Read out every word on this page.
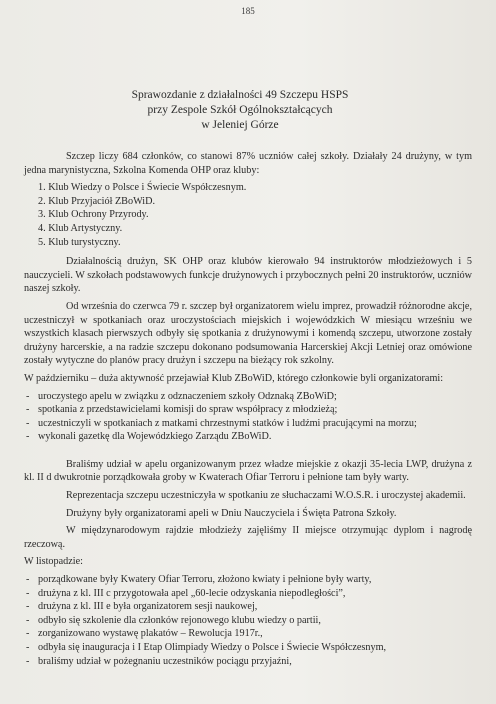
185
Sprawozdanie z działalności 49 Szczepu HSPS
przy Zespole Szkół Ogólnokształcących
w Jeleniej Górze

Szczep liczy 684 członków, co stanowi 87% uczniów całej szkoły. Działały 24 drużyny, w tym jedna marynistyczna, Szkolna Komenda OHP oraz kluby:

1. Klub Wiedzy o Polsce i Świecie Współczesnym.
2. Klub Przyjaciół ZBoWiD.
3. Klub Ochrony Przyrody.
4. Klub Artystyczny.
5. Klub turystyczny.

Działalnością drużyn, SK OHP oraz klubów kierowało 94 instruktorów młodzieżowych i 5 nauczycieli. W szkołach podstawowych funkcje drużynowych i przybocznych pełni 20 instruktorów, uczniów naszej szkoły.

Od września do czerwca 79 r. szczep był organizatorem wielu imprez, prowadził różnorodne akcje, uczestniczył w spotkaniach oraz uroczystościach miejskich i wojewódzkich W miesiącu wrześniu we wszystkich klasach pierwszych odbyły się spotkania z drużynowymi i komendą szczepu, utworzone zostały drużyny harcerskie, a na radzie szczepu dokonano podsumowania Harcerskiej Akcji Letniej oraz omówione zostały wytyczne do planów pracy drużyn i szczepu na bieżący rok szkolny.

W październiku – duża aktywność przejawiał Klub ZBoWiD, którego członkowie byli organizatorami:

- uroczystego apelu w związku z odznaczeniem szkoły Odznaką ZBoWiD;
- spotkania z przedstawicielami komisji do spraw współpracy z młodzieżą;
- uczestniczyli w spotkaniach z matkami chrzestnymi statków i ludźmi pracującymi na morzu;
- wykonali gazetkę dla Wojewódzkiego Zarządu ZBoWiD.

Braliśmy udział w apelu organizowanym przez władze miejskie z okazji 35-lecia LWP, drużyna z kl. II d dwukrotnie porządkowała groby w Kwaterach Ofiar Terroru i pełnione tam były warty.

Reprezentacja szczepu uczestniczyła w spotkaniu ze słuchaczami W.O.S.R. i uroczystej akademii.

Drużyny były organizatorami apeli w Dniu Nauczyciela i Święta Patrona Szkoły.

W międzynarodowym rajdzie młodzieży zajęliśmy II miejsce otrzymując dyplom i nagrodę rzeczową.

W listopadzie:

- porządkowane były Kwatery Ofiar Terroru, złożono kwiaty i pełnione były warty,
- drużyna z kl. III c przygotowała apel „60-lecie odzyskania niepodległości”,
- drużyna z kl. III e była organizatorem sesji naukowej,
- odbyło się szkolenie dla członków rejonowego klubu wiedzy o partii,
- zorganizowano wystawę plakatów – Rewolucja 1917r.,
- odbyła się inauguracja i I Etap Olimpiady Wiedzy o Polsce i Świecie Współczesnym,
- braliśmy udział w pożegnaniu uczestników pociągu przyjaźni,
